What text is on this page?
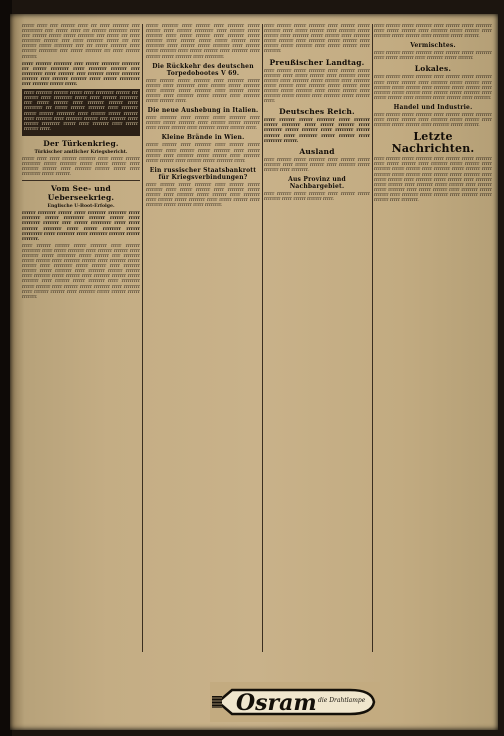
rrrrrr rrrrr rrrr rrrrrrr rrrrr rrr rrrrr rrrrrrrr rrrr rrrrrrrrrr rrrr rrrrrr rrrrr rrr rrrrrrr rrrrrrrrr rrrrr rrrr rrrrrrr rrrrrr rrrrrr rrrrrrrr rrrr rrrrrr rrr rrrrr rrrrrrrrr rrrrrrr rrrr rrrrr rrrrrrrr rrrrrr rrr rrrr rrrrrrr rrrrrr rrrrrrrrr rrrr rrr rrrrrr rrrrrrrr rrrrr rrrrrrr rrrrrrrrr rrrr rrrrrr rrrrrrrr rrr rrrrr rrrrrrr rrrrrrr.
rrrrr rrrrrrr rrrrrrrr rrrr rrrrrr rrrrrrrr rrrrrrrr rrr rrrrrr rrrrrrrr rrrrr rrrrrrrr rrrrrrr rrrr rrrrrrrrr rrrrr rrrrrrr rrrr rrrrrrr rrrrrr rrrrrrrr rrrrrrr rrrr rrrrrrr rrrrrrr rrrrr rrrrrr rrrrrrrrr rrrr rrrrrrr rrrrrr rrrrr.
rrrrr rrrrrrrr rrrrrrr rrrrrr rrrrr rrrrrrrrr rrrrrrr rrr rrrrrrr rrrrr rrrrrrrrr rrrrrr rrrrr rrrrrrr rrrrrrrrr rrrr rrrrrr rrrrrrr rrrrr rrrrrrrr rrrrrrr rrrrr rrrrrrrrr rrr rrrrrr rrrrrrr rrrrrrrr rrrrr rrrrrrrr rrrrrr rrrrrrr rrrrrrrrr rrrrr rrrrrrr rrrrrr rrrrrrr rrrrr rrrrrrrr rrrrr rrrrrrrr rrrrrrr rrrr rrrrrrrr rrrrr rrrrrrr rrrrrrrrr rrrrrr rrrrr rrrrrrrr rrrrr rrrrrr rrrrrrr rrrrr.
Der Türkenkrieg.
Türkischer amtlicher Kriegsbericht.
rrrrrr rrrrr rrrrr rrrrrrr rrrrrrrr rrrrr rrrrrr rrrrrrr rrrrrrrrr rrrrrr rrrrrrrr rrrrrr rrrrrr rrrrrrr rrrrr rrrrrrrr rrrrrrr rrrrr rrrrrrrr rrrrrrr rrrrrr rrrrr rrrrrrrrr rrrrrr rrrrrrr.
Vom See- und Ueberseekrieg.
Englische U-Boot-Erfolge.
rrrrrr rrrrrrrr rrrrrr rrrrr rrrrrrrr rrrrrrrr rrrrr rrrrrrrr rrrrrr rrrrrrrrr rrrrrrr rrrrrr rrrrr rrrrrrrr rrrrrrr rrrr rrrrrr rrrrrrrrr rrrrr rrrrr rrrrrrr rrrrrrrr rrrrr rrrrrr rrrrrrrr rrrrrr rrrrrrrrr rrrrr rrrrrrrr rrrrr rrrrrrrr rrrrrrr rrrrrr rrrrrrr.
rrrrr rrrrrrr rrrrrrr rrrrrr rrrrrrrr rrrrr rrrrrrr rrrrrrrrr rrrrr rrrrrr rrrrrrrr rrrrr rrrrrrr rrrrrrr rrrrr rrrrrrrr rrrrrr rrrrrrrrr rrrrrr rrrrrrr rrrr rrrrrrrr rrrrrr rrrrrrr rrrrr rrrrrrrr rrrrrrr rrrrr rrrrrrrr rrrrrr rrrrrrr rrrrr rrrrrrrrr rrrrrr rrrrrrr rrrrr rrrrrrrr rrrrrrr rrrrrr rrrrrrrr rrrrr rrrrrrrr rrrrrrr rrrrrrr rrrrr rrrrrrrr rrrrrr rrrrrrr rrrrr rrrrrrrr rrrrrrr rrrrrr rrrrrrrr rrrrr rrrrrrr rrrrrr rrrrrrrr rrrrr rrrrrrrrr rrrrrr rrrrrrr rrrrr rrrrrrr rrrrrr rrrrrrrr rrrrr rrrrrrrr rrrrr rrrrrrr rrrrrrr rrrrr rrrrrrrr rrrrrr rrrrrrr rrrrrr rrrrrrr.
rrrrrr rrrrrrrr rrrrr rrrrrrr rrrrr rrrrrrrr rrrrrr rrrrrrr rrrrr rrrrrrr rrrrrrrrr rrrrr rrrrrrr rrrrrr rrrrrrrr rrrrr rrrrrr rrrrrrr rrrrr rrrrrrrr rrrrrr rrrrrrrr rrrrr rrrrrrr rrrrrr rrrrrr rrrrrrr rrrrr rrrrrrrrr rrrrr rrrrrrr rrrrrr rrrrrrrr rrrrr rrrrrrr rrrrrr rrrrrrrr rrrrr rrrrrr rrrrrrr rrrrr rrrrrrrr rrrrr rrrrrrr rrrrrr rrrrrrrr rrrrr rrrrrrrrr.
Die Rückkehr des deutschen Torpedobootes V 69.
rrrrr rrrrrrr rrrrrr rrrrrrrr rrrrr rrrrrrrr rrrrrr rrrrrrr rrrrr rrrrrrrrr rrrrr rrrrrrr rrrrrr rrrrrrrr rrrrr rrrrrrr rrrrrr rrrrrrrr rrrrr rrrrrrr rrrrrr rrrrrrr rrrrr rrrrrrrr rrrrrr rrrrrrr rrrrr rrrrrrrr rrrrrr rrrrrrr rrrrr.
Die neue Aushebung in Italien.
rrrrr rrrrrrrr rrrrr rrrrrrr rrrrrr rrrrrrrr rrrrr rrrrrrr rrrrrr rrrrrrrr rrrrr rrrrrrr rrrrrr rrrrrrrr rrrrr rrrrrr rrrrrrr rrrrr rrrrrrrr rrrrrr rrrrrrr rrrrr.
Kleine Brände in Wien.
rrrrrr rrrrrrr rrrrr rrrrrrrr rrrrr rrrrrrr rrrrrr rrrrrrrr rrrrr rrrrrrr rrrrrr rrrrrrrr rrrrr rrrrrr rrrrrrr rrrrr rrrrrrrr rrrrrr rrrrrrr rrrrr rrrrrrrr rrrrrr rrrrrrr rrrrr rrrrrrr rrrrrr rrrrrrrr rrrrr.
Ein russischer Staatsbankrott für Kriegsverbindungen?
rrrrr rrrrrrr rrrrrr rrrrrrrr rrrrr rrrrrrr rrrrrr rrrrrrrr rrrrr rrrrrr rrrrrrr rrrrr rrrrrrrr rrrrrr rrrrrrr rrrrr rrrrrrrr rrrrrr rrrrrrr rrrrr rrrrrrrr rrrrr rrrrrrr rrrrrr rrrrrrrr rrrrr rrrrrr rrrrrrr rrrrr rrrrrrrr rrrrrr rrrrrrr rrrrr rrrrrrrr.
rrrrr rrrrrrr rrrrrr rrrrrrrr rrrrr rrrrrrr rrrrrr rrrrrrrr rrrrr rrrrrr rrrrrrr rrrrr rrrrrrrr rrrrrr rrrrrrr rrrrr rrrrrrrr rrrrrr rrrrrrr rrrrr rrrrrrrr rrrrrr rrrrrrr rrrrr rrrrrrrr rrrrrr rrrrrrr rrrrr rrrrrrr rrrrrr rrrrrrrr rrrrr rrrrrr rrrrrrr rrrrr rrrrrrrr.
Preußischer Landtag.
rrrrr rrrrrrr rrrrrr rrrrrrrr rrrrr rrrrrrr rrrrrr rrrrrrrr rrrrr rrrrrr rrrrrrr rrrrr rrrrrrrr rrrrrr rrrrrrr rrrrr rrrrrrrr rrrrrr rrrrrrr rrrrr rrrrrrrr rrrrrr rrrrrrr rrrrr rrrrrrrr rrrrrr rrrrrrr rrrrr rrrrrrr rrrrrr rrrrrrrr rrrrr rrrrrr rrrrrrr rrrrr rrrrrrrr rrrrrr rrrrrrr rrrrr rrrrrrrr rrrrrr rrrrrrr rrrrr.
Deutsches Reich.
rrrrr rrrrrrr rrrrrr rrrrrrrr rrrrr rrrrrrr rrrrrr rrrrrrrr rrrrr rrrrrr rrrrrrr rrrrr rrrrrrrr rrrrrr rrrrrrr rrrrr rrrrrrrr rrrrrr rrrrrrr rrrrr rrrrrrrr rrrrrr rrrrrrr rrrrr rrrrrrrr rrrrrr.
Ausland
rrrrr rrrrrrr rrrrrr rrrrrrrr rrrrr rrrrrrr rrrrrr rrrrrrrr rrrrr rrrrrr rrrrrrr rrrrr rrrrrrrr rrrrrr rrrrrrr rrrrr rrrrrrrr.
Aus Provinz und Nachbargebiet.
rrrrr rrrrrrr rrrrrr rrrrrrrr rrrrr rrrrrrr rrrrrr rrrrrrrr rrrrr rrrrrr rrrrrrr rrrrr.
rrrrr rrrrrrr rrrrrr rrrrrrrr rrrrr rrrrrrr rrrrrr rrrrrrrr rrrrr rrrrrr rrrrrrr rrrrr rrrrrrrr rrrrrr rrrrrrr rrrrr rrrrrrrr rrrrrr rrrrrrr rrrrr rrrrrrrr rrrrrr rrrrrrr.
Vermischtes.
rrrrr rrrrrrr rrrrrr rrrrrrrr rrrrr rrrrrrr rrrrrr rrrrrrrr rrrrr rrrrrr rrrrrrr rrrrr rrrrrrrr rrrrrr rrrrrrr.
Lokales.
rrrrr rrrrrrr rrrrrr rrrrrrrr rrrrr rrrrrrr rrrrrr rrrrrrrr rrrrr rrrrrr rrrrrrr rrrrr rrrrrrrr rrrrrr rrrrrrr rrrrr rrrrrrrr rrrrrr rrrrrrr rrrrr rrrrrrrr rrrrrr rrrrrrr rrrrr rrrrrrrr rrrrrr rrrrrrr rrrrr rrrrrrr rrrrrr rrrrrrrr rrrrr rrrrrr rrrrrrr rrrrr rrrrrrrr rrrrrr rrrrrrr rrrrr rrrrrrrr.
Handel und Industrie.
rrrrr rrrrrrr rrrrrr rrrrrrrr rrrrr rrrrrrr rrrrrr rrrrrrrr rrrrr rrrrrr rrrrrrr rrrrr rrrrrrrr rrrrrr rrrrrrr rrrrr rrrrrrrr rrrrrr rrrrrrr rrrrr rrrrrrrr rrrrrr rrrrrrr.
Letzte Nachrichten.
rrrrr rrrrrrr rrrrrr rrrrrrrr rrrrr rrrrrrr rrrrrr rrrrrrrr rrrrr rrrrrr rrrrrrr rrrrr rrrrrrrr rrrrrr rrrrrrr rrrrr rrrrrrrr rrrrrr rrrrrrr rrrrr rrrrrrrr rrrrrr rrrrrrr rrrrr rrrrrrrr rrrrrr rrrrrrr rrrrr rrrrrrr rrrrrr rrrrrrrr rrrrr rrrrrr rrrrrrr rrrrr rrrrrrrr rrrrrr rrrrrrr rrrrr rrrrrrrr rrrrrr rrrrrrr rrrrr rrrrrrrr rrrrrr rrrrrrr rrrrr rrrrrrr rrrrrr rrrrrrrr rrrrr rrrrrr rrrrrrr rrrrr rrrrrrrr rrrrrr rrrrrrr rrrrr rrrrrrrr rrrrrr rrrrrrr rrrrr rrrrrrrr rrrrrr rrrrrrr rrrrr rrrrrrrr.
Osram die Drahtlampe
